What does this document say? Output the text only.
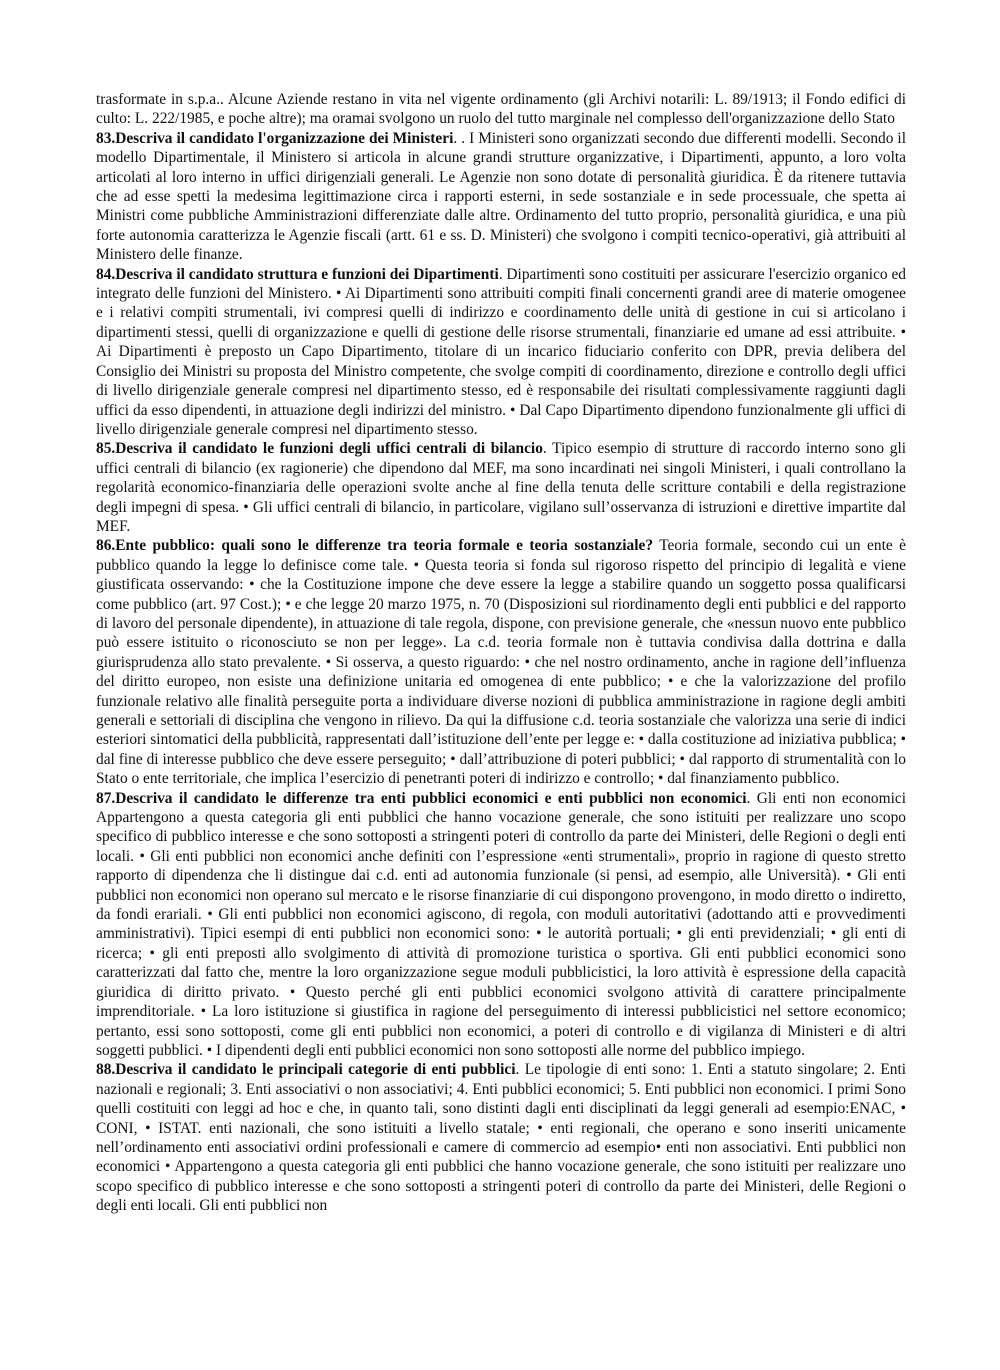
trasformate in s.p.a.. Alcune Aziende restano in vita nel vigente ordinamento (gli Archivi notarili: L. 89/1913; il Fondo edifici di culto: L. 222/1985, e poche altre); ma oramai svolgono un ruolo del tutto marginale nel complesso dell'organizzazione dello Stato

83.Descriva il candidato l'organizzazione dei Ministeri. . I Ministeri sono organizzati secondo due differenti modelli. Secondo il modello Dipartimentale, il Ministero si articola in alcune grandi strutture organizzative, i Dipartimenti, appunto, a loro volta articolati al loro interno in uffici dirigenziali generali. Le Agenzie non sono dotate di personalità giuridica. È da ritenere tuttavia che ad esse spetti la medesima legittimazione circa i rapporti esterni, in sede sostanziale e in sede processuale, che spetta ai Ministri come pubbliche Amministrazioni differenziate dalle altre. Ordinamento del tutto proprio, personalità giuridica, e una più forte autonomia caratterizza le Agenzie fiscali (artt. 61 e ss. D. Ministeri) che svolgono i compiti tecnico-operativi, già attribuiti al Ministero delle finanze.

84.Descriva il candidato struttura e funzioni dei Dipartimenti. Dipartimenti sono costituiti per assicurare l'esercizio organico ed integrato delle funzioni del Ministero. • Ai Dipartimenti sono attribuiti compiti finali concernenti grandi aree di materie omogenee e i relativi compiti strumentali, ivi compresi quelli di indirizzo e coordinamento delle unità di gestione in cui si articolano i dipartimenti stessi, quelli di organizzazione e quelli di gestione delle risorse strumentali, finanziarie ed umane ad essi attribuite. • Ai Dipartimenti è preposto un Capo Dipartimento, titolare di un incarico fiduciario conferito con DPR, previa delibera del Consiglio dei Ministri su proposta del Ministro competente, che svolge compiti di coordinamento, direzione e controllo degli uffici di livello dirigenziale generale compresi nel dipartimento stesso, ed è responsabile dei risultati complessivamente raggiunti dagli uffici da esso dipendenti, in attuazione degli indirizzi del ministro. • Dal Capo Dipartimento dipendono funzionalmente gli uffici di livello dirigenziale generale compresi nel dipartimento stesso.

85.Descriva il candidato le funzioni degli uffici centrali di bilancio. Tipico esempio di strutture di raccordo interno sono gli uffici centrali di bilancio (ex ragionerie) che dipendono dal MEF, ma sono incardinati nei singoli Ministeri, i quali controllano la regolarità economico-finanziaria delle operazioni svolte anche al fine della tenuta delle scritture contabili e della registrazione degli impegni di spesa. • Gli uffici centrali di bilancio, in particolare, vigilano sull’osservanza di istruzioni e direttive impartite dal MEF.

86.Ente pubblico: quali sono le differenze tra teoria formale e teoria sostanziale? Teoria formale, secondo cui un ente è pubblico quando la legge lo definisce come tale. • Questa teoria si fonda sul rigoroso rispetto del principio di legalità e viene giustificata osservando: • che la Costituzione impone che deve essere la legge a stabilire quando un soggetto possa qualificarsi come pubblico (art. 97 Cost.); • e che legge 20 marzo 1975, n. 70 (Disposizioni sul riordinamento degli enti pubblici e del rapporto di lavoro del personale dipendente), in attuazione di tale regola, dispone, con previsione generale, che «nessun nuovo ente pubblico può essere istituito o riconosciuto se non per legge». La c.d. teoria formale non è tuttavia condivisa dalla dottrina e dalla giurisprudenza allo stato prevalente. • Si osserva, a questo riguardo: • che nel nostro ordinamento, anche in ragione dell’influenza del diritto europeo, non esiste una definizione unitaria ed omogenea di ente pubblico; • e che la valorizzazione del profilo funzionale relativo alle finalità perseguite porta a individuare diverse nozioni di pubblica amministrazione in ragione degli ambiti generali e settoriali di disciplina che vengono in rilievo. Da qui la diffusione c.d. teoria sostanziale che valorizza una serie di indici esteriori sintomatici della pubblicità, rappresentati dall’istituzione dell’ente per legge e: • dalla costituzione ad iniziativa pubblica; • dal fine di interesse pubblico che deve essere perseguito; • dall’attribuzione di poteri pubblici; • dal rapporto di strumentalità con lo Stato o ente territoriale, che implica l’esercizio di penetranti poteri di indirizzo e controllo; • dal finanziamento pubblico.

87.Descriva il candidato le differenze tra enti pubblici economici e enti pubblici non economici. Gli enti non economici Appartengono a questa categoria gli enti pubblici che hanno vocazione generale, che sono istituiti per realizzare uno scopo specifico di pubblico interesse e che sono sottoposti a stringenti poteri di controllo da parte dei Ministeri, delle Regioni o degli enti locali. • Gli enti pubblici non economici anche definiti con l’espressione «enti strumentali», proprio in ragione di questo stretto rapporto di dipendenza che li distingue dai c.d. enti ad autonomia funzionale (si pensi, ad esempio, alle Università). • Gli enti pubblici non economici non operano sul mercato e le risorse finanziarie di cui dispongono provengono, in modo diretto o indiretto, da fondi erariali. • Gli enti pubblici non economici agiscono, di regola, con moduli autoritativi (adottando atti e provvedimenti amministrativi). Tipici esempi di enti pubblici non economici sono: • le autorità portuali; • gli enti previdenziali; • gli enti di ricerca; • gli enti preposti allo svolgimento di attività di promozione turistica o sportiva. Gli enti pubblici economici sono caratterizzati dal fatto che, mentre la loro organizzazione segue moduli pubblicistici, la loro attività è espressione della capacità giuridica di diritto privato. • Questo perché gli enti pubblici economici svolgono attività di carattere principalmente imprenditoriale. • La loro istituzione si giustifica in ragione del perseguimento di interessi pubblicistici nel settore economico; pertanto, essi sono sottoposti, come gli enti pubblici non economici, a poteri di controllo e di vigilanza di Ministeri e di altri soggetti pubblici. • I dipendenti degli enti pubblici economici non sono sottoposti alle norme del pubblico impiego.

88.Descriva il candidato le principali categorie di enti pubblici. Le tipologie di enti sono: 1. Enti a statuto singolare; 2. Enti nazionali e regionali; 3. Enti associativi o non associativi; 4. Enti pubblici economici; 5. Enti pubblici non economici. I primi Sono quelli costituiti con leggi ad hoc e che, in quanto tali, sono distinti dagli enti disciplinati da leggi generali ad esempio:ENAC, • CONI, • ISTAT. enti nazionali, che sono istituiti a livello statale; • enti regionali, che operano e sono inseriti unicamente nell’ordinamento enti associativi ordini professionali e camere di commercio ad esempio• enti non associativi. Enti pubblici non economici • Appartengono a questa categoria gli enti pubblici che hanno vocazione generale, che sono istituiti per realizzare uno scopo specifico di pubblico interesse e che sono sottoposti a stringenti poteri di controllo da parte dei Ministeri, delle Regioni o degli enti locali. Gli enti pubblici non
